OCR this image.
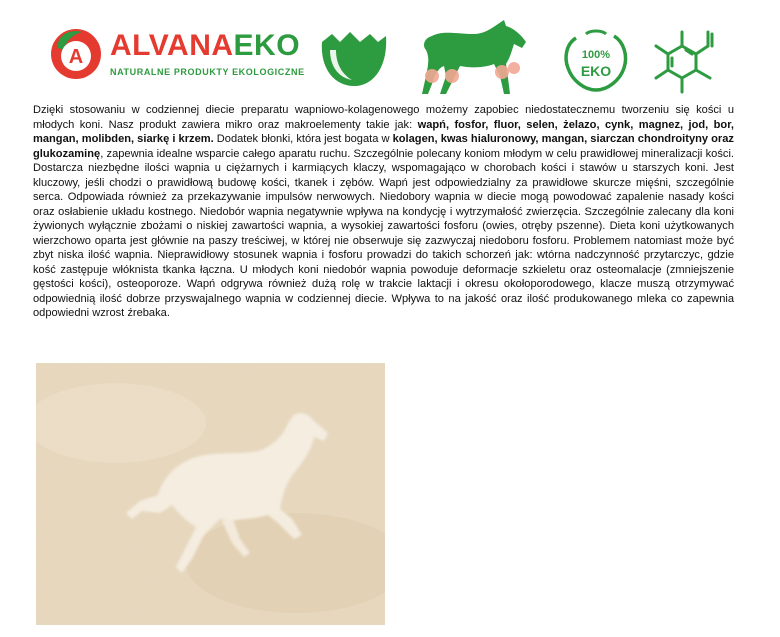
A ALVANAEKO
NATURALNE PRODUKTY EKOLOGICZNE
100%
EKO
Dzięki stosowaniu w codziennej diecie preparatu wapniowo-kolagenowego możemy zapobiec niedostatecznemu tworzeniu się kości u młodych koni. Nasz produkt zawiera mikro oraz makroelementy takie jak: wapń, fosfor, fluor, selen, żelazo, cynk, magnez, jod, bor, mangan, molibden, siarkę i krzem. Dodatek błonki, która jest bogata w kolagen, kwas hialuronowy, mangan, siarczan chondroityny oraz glukozaminę, zapewnia idealne wsparcie całego aparatu ruchu. Szczególnie polecany koniom młodym w celu prawidłowej mineralizacji kości. Dostarcza niezbędne ilości wapnia u ciężarnych i karmiących klaczy, wspomagająco w chorobach kości i stawów u starszych koni. Jest kluczowy, jeśli chodzi o prawidłową budowę kości, tkanek i zębów. Wapń jest odpowiedzialny za prawidłowe skurcze mięśni, szczególnie serca. Odpowiada również za przekazywanie impulsów nerwowych. Niedobory wapnia w diecie mogą powodować zapalenie nasady kości oraz osłabienie układu kostnego. Niedobór wapnia negatywnie wpływa na kondycję i wytrzymałość zwierzęcia. Szczególnie zalecany dla koni żywionych wyłącznie zbożami o niskiej zawartości wapnia, a wysokiej zawartości fosforu (owies, otręby pszenne). Dieta koni użytkowanych wierzchowo oparta jest głównie na paszy treściwej, w której nie obserwuje się zazwyczaj niedoboru fosforu. Problemem natomiast może być zbyt niska ilość wapnia. Nieprawidłowy stosunek wapnia i fosforu prowadzi do takich schorzeń jak: wtórna nadczynność przytarczyc, gdzie kość zastępuje włóknista tkanka łączna. U młodych koni niedobór wapnia powoduje deformacje szkieletu oraz osteomalacje (zmniejszenie gęstości kości), osteoporoze. Wapń odgrywa również dużą rolę w trakcie laktacji i okresu okołoporodowego, klacze muszą otrzymywać odpowiednią ilość dobrze przyswajalnego wapnia w codziennej diecie. Wpływa to na jakość oraz ilość produkowanego mleka co zapewnia odpowiedni wzrost źrebaka.
